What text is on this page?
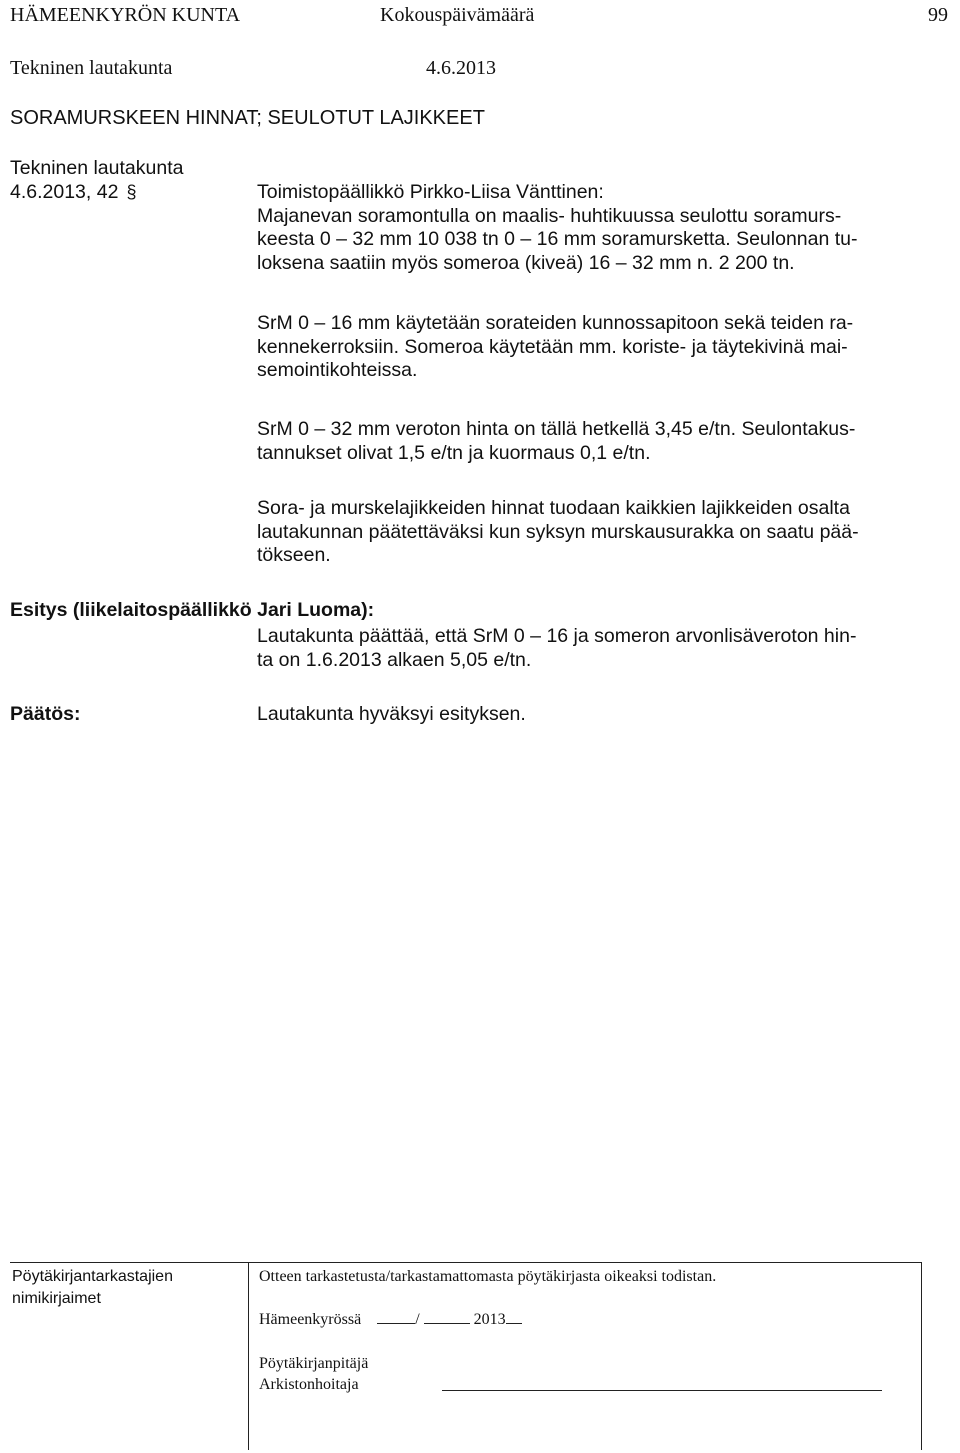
HÄMEENKYRÖN KUNTA	Kokouspäivämäärä	99
Tekninen lautakunta	4.6.2013
SORAMURSKEEN HINNAT; SEULOTUT LAJIKKEET
Tekninen lautakunta
4.6.2013, 42 §	Toimistopäällikkö Pirkko-Liisa Vänttinen:

Majanevan soramontulla on maalis- huhtikuussa seulottu soramurs-

keesta 0 – 32 mm 10 038 tn 0 – 16 mm soramursketta. Seulonnan tu-

loksena saatiin myös someroa (kiveä) 16 – 32 mm n. 2 200 tn.

SrM 0 – 16 mm käytetään sorateiden kunnossapitoon sekä teiden ra-

kennekerroksiin. Someroa käytetään mm. koriste- ja täytekivinä mai-

semointikohteissa.

SrM 0 – 32 mm veroton hinta on tällä hetkellä 3,45 e/tn. Seulontakus-

tannukset olivat 1,5 e/tn ja kuormaus 0,1 e/tn.

Sora- ja murskelajikkeiden hinnat tuodaan kaikkien lajikkeiden osalta

lautakunnan päätettäväksi kun syksyn murskausurakka on saatu pää-

tökseen.

Esitys (liikelaitospäällikkö Jari Luoma):

Lautakunta päättää, että SrM 0 – 16 ja someron arvonlisäveroton hin-

ta on 1.6.2013 alkaen 5,05 e/tn.

Päätös:	Lautakunta hyväksyi esityksen.
Pöytäkirjantarkastajien
nimikirjaimet
Otteen tarkastetusta/tarkastamattomasta pöytäkirjasta oikeaksi todistan.
Hämeenkyrössä	/	2013
Pöytäkirjanpitäjä
Arkistonhoitaja
